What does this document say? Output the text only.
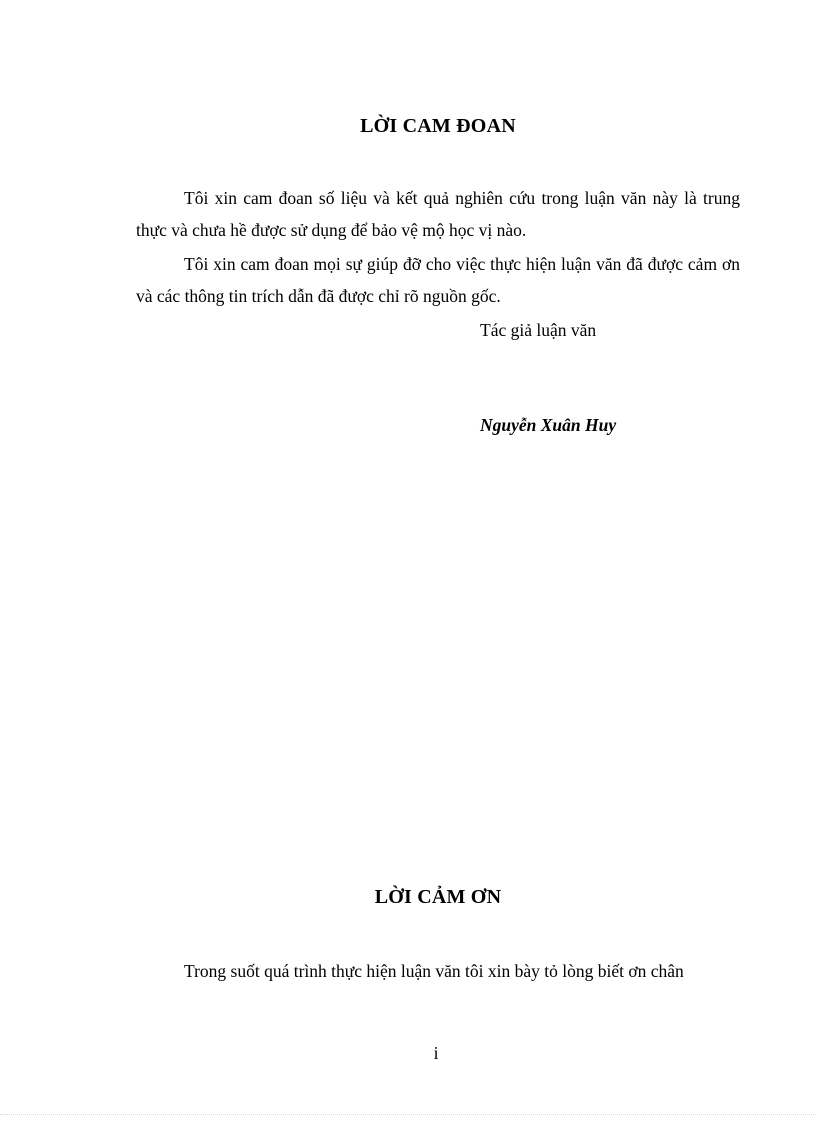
LỜI CAM ĐOAN
Tôi xin cam đoan số liệu và kết quả nghiên cứu trong luận văn này là trung thực và chưa hề được sử dụng để bảo vệ mộ học vị nào.
Tôi xin cam đoan mọi sự giúp đỡ cho việc thực hiện luận văn đã được cảm ơn và các thông tin trích dẫn đã được chỉ rõ nguồn gốc.
Tác giả luận văn
Nguyễn Xuân Huy
LỜI CẢM ƠN
Trong suốt quá trình thực hiện luận văn tôi xin bày tỏ lòng biết ơn chân
i
